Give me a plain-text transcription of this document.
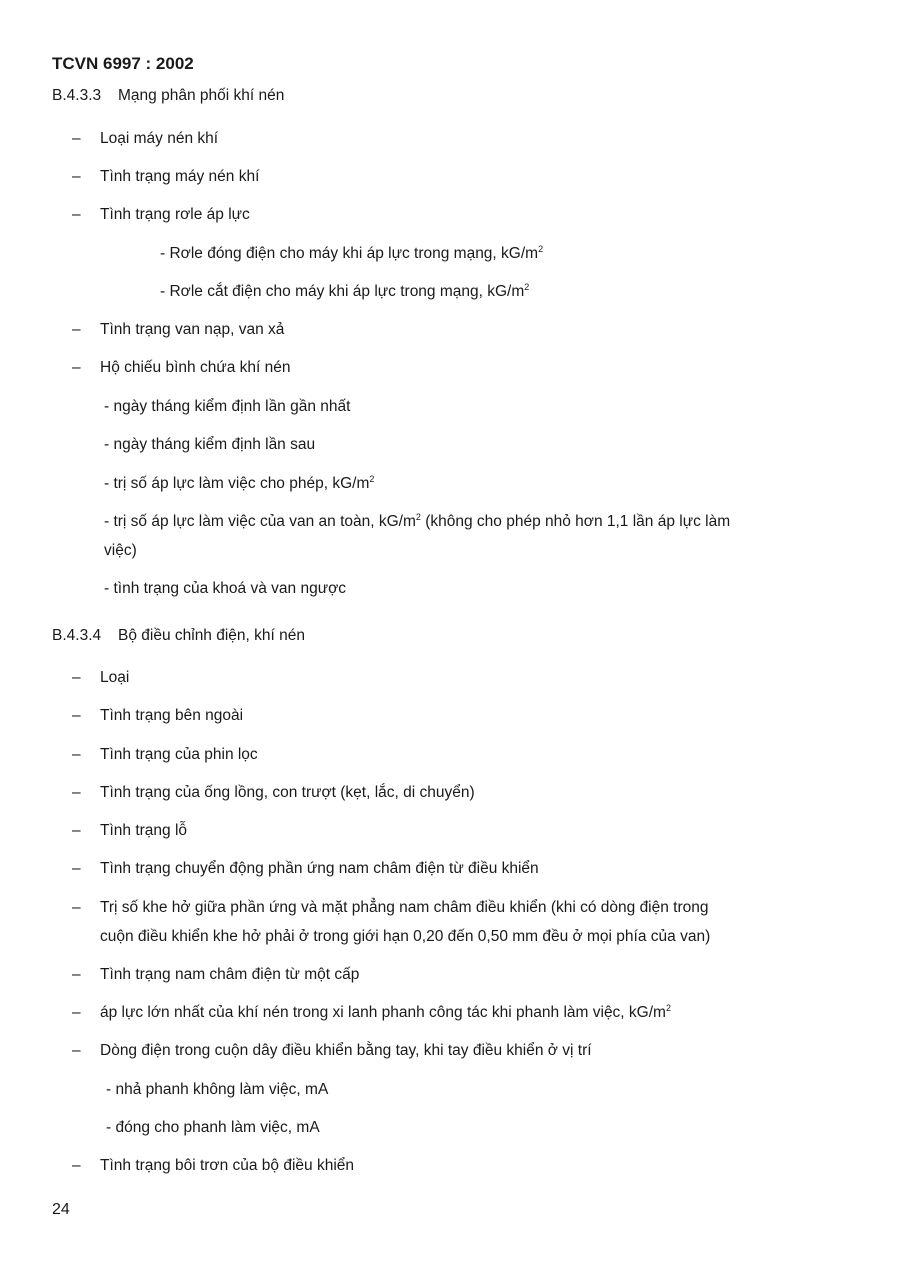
TCVN 6997 : 2002
B.4.3.3 Mạng phân phối khí nén
– Loại máy nén khí
– Tình trạng máy nén khí
– Tình trạng rơle áp lực
- Rơle đóng điện cho máy khi áp lực trong mạng, $kG/m^2$
- Rơle cắt điện cho máy khi áp lực trong mạng, $kG/m^2$
– Tình trạng van nạp, van xả
– Hộ chiếu bình chứa khí nén
- ngày tháng kiểm định lần gần nhất
- ngày tháng kiểm định lần sau
- trị số áp lực làm việc cho phép, $kG/m^2$
- trị số áp lực làm việc của van an toàn, $kG/m^2$ (không cho phép nhỏ hơn 1,1 lần áp lực làm
việc)
- tình trạng của khoá và van ngược
B.4.3.4 Bộ điều chỉnh điện, khí nén
– Loại
– Tình trạng bên ngoài
– Tình trạng của phin lọc
– Tình trạng của ống lồng, con trượt (kẹt, lắc, di chuyển)
– Tình trạng lỗ
– Tình trạng chuyển động phần ứng nam châm điện từ điều khiển
– Trị số khe hở giữa phần ứng và mặt phẳng nam châm điều khiển (khi có dòng điện trong
cuộn điều khiển khe hở phải ở trong giới hạn 0,20 đến 0,50 mm đều ở mọi phía của van)
– Tình trạng nam châm điện từ một cấp
– áp lực lớn nhất của khí nén trong xi lanh phanh công tác khi phanh làm việc, $kG/m^2$
– Dòng điện trong cuộn dây điều khiển bằng tay, khi tay điều khiển ở vị trí
- nhả phanh không làm việc, mA
- đóng cho phanh làm việc, mA
– Tình trạng bôi trơn của bộ điều khiển
24
